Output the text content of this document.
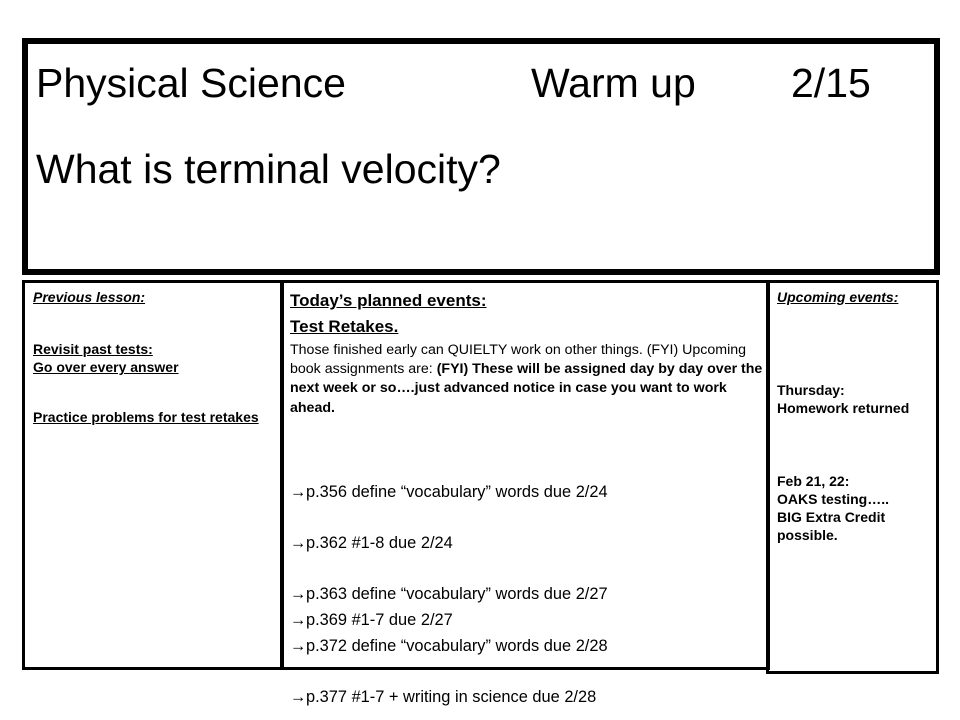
Physical Science	Warm up 2/15
What is terminal velocity?
Previous lesson:
Revisit past tests:
Go over every answer
Practice problems for test retakes
Today’s planned events:
Test Retakes.
Those finished early can QUIELTY work on other things. (FYI) Upcoming book assignments are: (FYI) These will be assigned day by day over the next week or so….just advanced notice in case you want to work ahead.
→p.356 define “vocabulary” words due 2/24
→p.362 #1-8 due 2/24
→p.363 define “vocabulary” words due 2/27
→p.369 #1-7 due 2/27
→p.372 define “vocabulary” words due 2/28
→p.377 #1-7 + writing in science due 2/28
Upcoming events:
Thursday:
Homework returned
Feb 21, 22:
OAKS testing…..
BIG Extra Credit possible.
